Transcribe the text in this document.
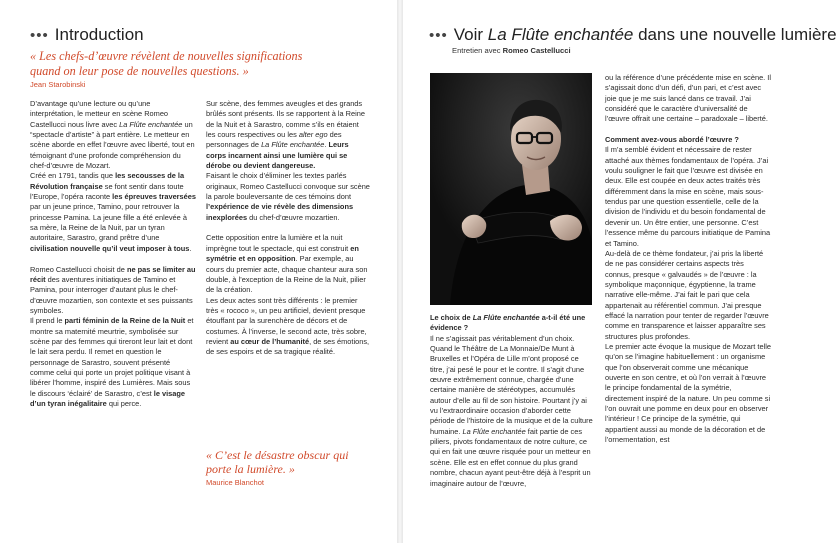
••• Introduction

« Les chefs-d’œuvre révèlent de nouvelles significations quand on leur pose de nouvelles questions. »

Jean Starobinski

D’avantage qu’une lecture ou qu’une interprétation, le metteur en scène Romeo Castellucci nous livre avec La Flûte enchantée un “spectacle d’artiste” à part entière. Le metteur en scène aborde en effet l’œuvre avec liberté, tout en témoignant d’une profonde compréhension du chef-d’œuvre de Mozart.

Créé en 1791, tandis que les secousses de la Révolution française se font sentir dans toute l’Europe, l’opéra raconte les épreuves traversées par un jeune prince, Tamino, pour retrouver la princesse Pamina. La jeune fille a été enlevée à sa mère, la Reine de la Nuit, par un tyran autoritaire, Sarastro, grand prêtre d’une civilisation nouvelle qu’il veut imposer à tous.

Romeo Castellucci choisit de ne pas se limiter au récit des aventures initiatiques de Tamino et Pamina, pour interroger d’autant plus le chef-d’œuvre mozartien, son contexte et ses puissants symboles.

Il prend le parti féminin de la Reine de la Nuit et montre sa maternité meurtrie, symbolisée sur scène par des femmes qui tireront leur lait et dont le lait sera perdu. Il remet en question le personnage de Sarastro, souvent présenté comme celui qui porte un projet politique visant à libérer l’homme, inspiré des Lumières. Mais sous le discours ‘éclairé’ de Sarastro, c’est le visage d’un tyran inégalitaire qui perce.

Sur scène, des femmes aveugles et des grands brûlés sont présents. Ils se rapportent à la Reine de la Nuit et à Sarastro, comme s’ils en étaient les cours respectives ou les alter ego des personnages de La Flûte enchantée. Leurs corps incarnent ainsi une lumière qui se dérobe ou devient dangereuse.

Faisant le choix d’éliminer les textes parlés originaux, Romeo Castellucci convoque sur scène la parole bouleversante de ces témoins dont l’expérience de vie révèle des dimensions inexplorées du chef-d’œuvre mozartien.

Cette opposition entre la lumière et la nuit imprègne tout le spectacle, qui est construit en symétrie et en opposition. Par exemple, au cours du premier acte, chaque chanteur aura son double, à l’exception de la Reine de la Nuit, pilier de la création.

Les deux actes sont très différents : le premier très « rococo », un peu artificiel, devient presque étouffant par la surenchère de décors et de costumes. À l’inverse, le second acte, très sobre, revient au cœur de l’humanité, de ses émotions, de ses espoirs et de sa tragique réalité.

« C’est le désastre obscur qui porte la lumière. »

Maurice Blanchot

••• Voir La Flûte enchantée dans une nouvelle lumière

Entretien avec Romeo Castellucci

Le choix de La Flûte enchantée a-t-il été une évidence ?

Il ne s’agissait pas véritablement d’un choix. Quand le Théâtre de La Monnaie/De Munt à Bruxelles et l’Opéra de Lille m’ont proposé ce titre, j’ai pesé le pour et le contre. Il s’agit d’une œuvre extrêmement connue, chargée d’une certaine manière de stéréotypes, accumulés autour d’elle au fil de son histoire. Pourtant j’y ai vu l’extraordinaire occasion d’aborder cette période de l’histoire de la musique et de la culture humaine. La Flûte enchantée fait partie de ces piliers, pivots fondamentaux de notre culture, ce qui en fait une œuvre risquée pour un metteur en scène. Elle est en effet connue du plus grand nombre, chacun ayant peut-être déjà à l’esprit un imaginaire autour de l’œuvre,

ou la référence d’une précédente mise en scène. Il s’agissait donc d’un défi, d’un pari, et c’est avec joie que je me suis lancé dans ce travail. J’ai considéré que le caractère d’universalité de l’œuvre offrait une certaine – paradoxale – liberté.

Comment avez-vous abordé l’œuvre ?

Il m’a semblé évident et nécessaire de rester attaché aux thèmes fondamentaux de l’opéra. J’ai voulu souligner le fait que l’œuvre est divisée en deux. Elle est coupée en deux actes traités très différemment dans la mise en scène, mais sous-tendus par une question essentielle, celle de la division de l’individu et du besoin fondamental de devenir un. Un être entier, une personne. C’est l’essence même du parcours initiatique de Pamina et Tamino.

Au-delà de ce thème fondateur, j’ai pris la liberté de ne pas considérer certains aspects très connus, presque « galvaudés » de l’œuvre : la symbolique maçonnique, égyptienne, la trame narrative elle-même. J’ai fait le pari que cela appartenait au référentiel commun. J’ai presque effacé la narration pour tenter de regarder l’œuvre comme en transparence et laisser apparaître ses structures plus profondes.

Le premier acte évoque la musique de Mozart telle qu’on se l’imagine habituellement : un organisme que l’on observerait comme une mécanique ouverte en son centre, et où l’on verrait à l’œuvre le principe fondamental de la symétrie, directement inspiré de la nature. Un peu comme si l’on ouvrait une pomme en deux pour en observer l’intérieur ! Ce principe de la symétrie, qui appartient aussi au monde de la décoration et de l’ornementation, est
